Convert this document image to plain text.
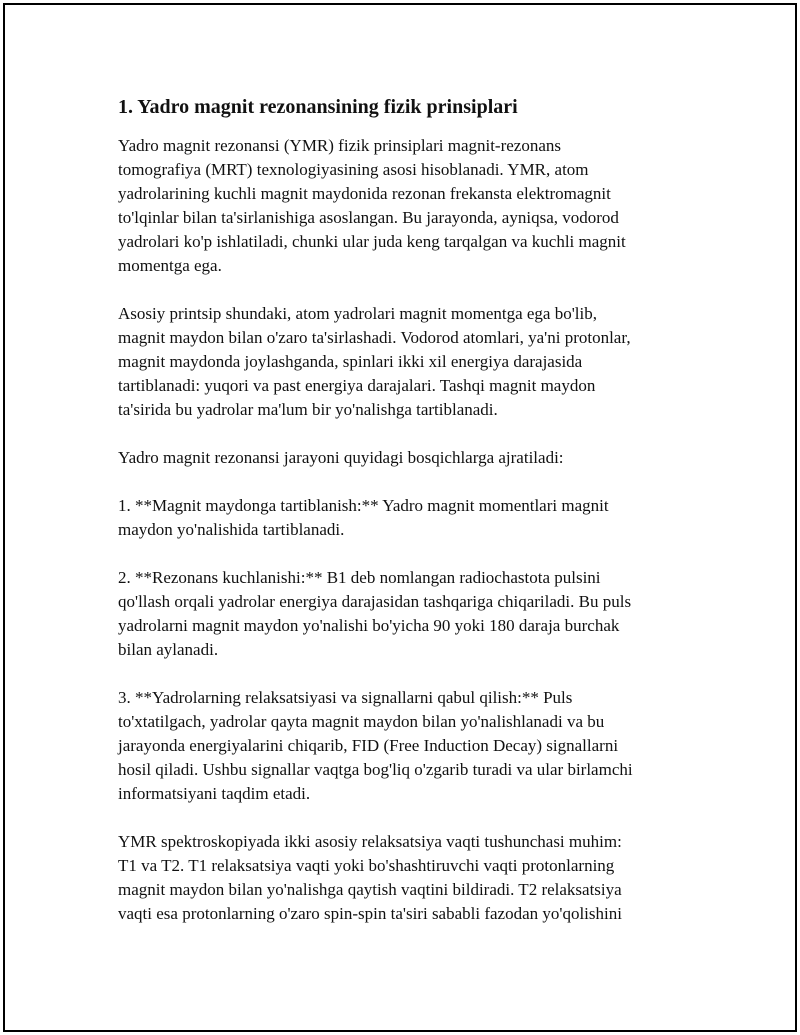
1. Yadro magnit rezonansining fizik prinsiplari

Yadro magnit rezonansi (YMR) fizik prinsiplari magnit-rezonans
tomografiya (MRT) texnologiyasining asosi hisoblanadi. YMR, atom
yadrolarining kuchli magnit maydonida rezonan frekansta elektromagnit
to'lqinlar bilan ta'sirlanishiga asoslangan. Bu jarayonda, ayniqsa, vodorod
yadrolari ko'p ishlatiladi, chunki ular juda keng tarqalgan va kuchli magnit
momentga ega.

Asosiy printsip shundaki, atom yadrolari magnit momentga ega bo'lib,
magnit maydon bilan o'zaro ta'sirlashadi. Vodorod atomlari, ya'ni protonlar,
magnit maydonda joylashganda, spinlari ikki xil energiya darajasida
tartiblanadi: yuqori va past energiya darajalari. Tashqi magnit maydon
ta'sirida bu yadrolar ma'lum bir yo'nalishga tartiblanadi.

Yadro magnit rezonansi jarayoni quyidagi bosqichlarga ajratiladi:

1. **Magnit maydonga tartiblanish:** Yadro magnit momentlari magnit
maydon yo'nalishida tartiblanadi.

2. **Rezonans kuchlanishi:** B1 deb nomlangan radiochastota pulsini
qo'llash orqali yadrolar energiya darajasidan tashqariga chiqariladi. Bu puls
yadrolarni magnit maydon yo'nalishi bo'yicha 90 yoki 180 daraja burchak
bilan aylanadi.

3. **Yadrolarning relaksatsiyasi va signallarni qabul qilish:** Puls
to'xtatilgach, yadrolar qayta magnit maydon bilan yo'nalishlanadi va bu
jarayonda energiyalarini chiqarib, FID (Free Induction Decay) signallarni
hosil qiladi. Ushbu signallar vaqtga bog'liq o'zgarib turadi va ular birlamchi
informatsiyani taqdim etadi.

YMR spektroskopiyada ikki asosiy relaksatsiya vaqti tushunchasi muhim:
T1 va T2. T1 relaksatsiya vaqti yoki bo'shashtiruvchi vaqti protonlarning
magnit maydon bilan yo'nalishga qaytish vaqtini bildiradi. T2 relaksatsiya
vaqti esa protonlarning o'zaro spin-spin ta'siri sababli fazodan yo'qolishini
